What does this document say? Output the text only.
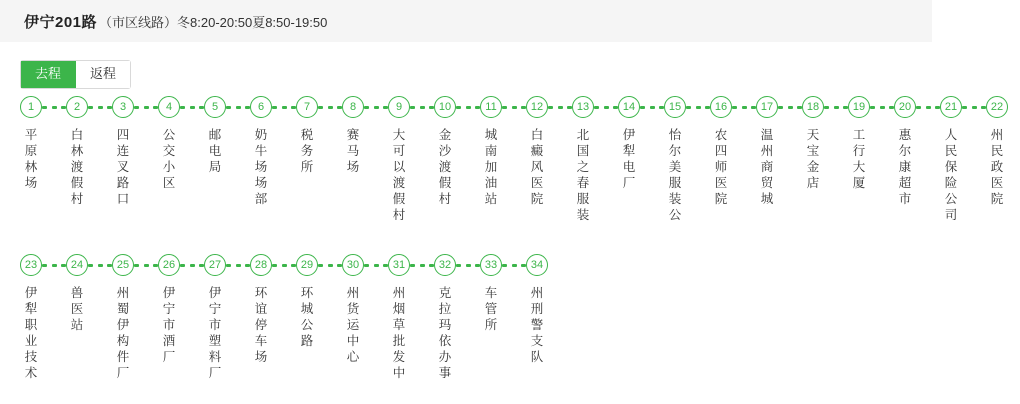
伊宁201路 （市区线路）冬8:20-20:50夏8:50-19:50
去程	返程
1
平原林场
2
白林渡假村
3
四连叉路口
4
公交小区
5
邮电局
6
奶牛场场部
7
税务所
8
赛马场
9
大可以渡假村
10
金沙渡假村
11
城南加油站
12
白癜风医院
13
北国之春服装
14
伊犁电厂
15
怡尔美服装公
16
农四师医院
17
温州商贸城
18
天宝金店
19
工行大厦
20
惠尔康超市
21
人民保险公司
22
州民政医院
23
伊犁职业技术
24
兽医站
25
州蜀伊构件厂
26
伊宁市酒厂
27
伊宁市塑料厂
28
环谊停车场
29
环城公路
30
州货运中心
31
州烟草批发中
32
克拉玛依办事
33
车管所
34
州刑警支队
